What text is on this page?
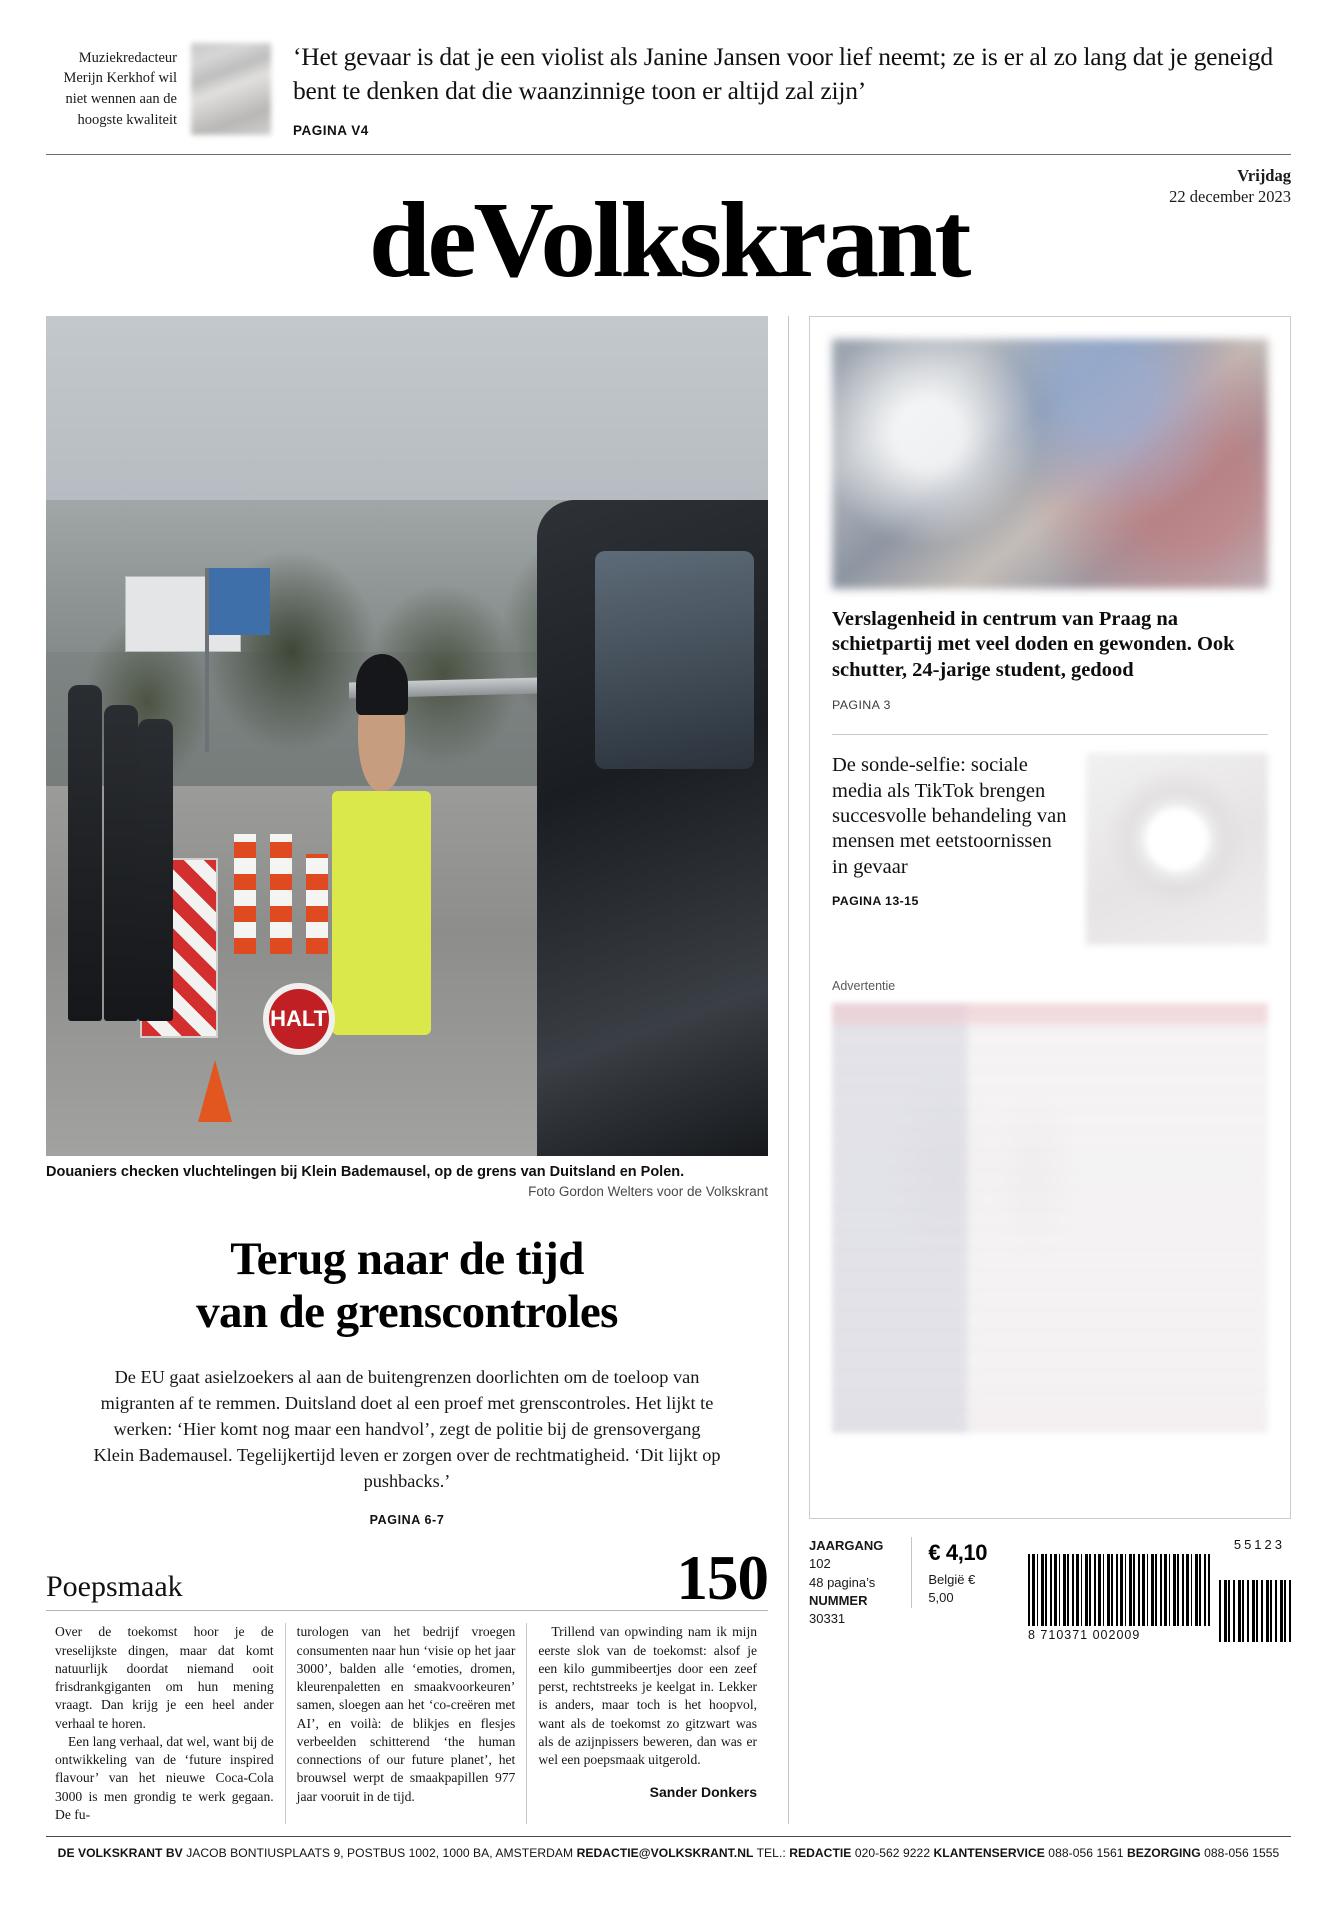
Muziekredacteur Merijn Kerkhof wil niet wennen aan de hoogste kwaliteit
‘Het gevaar is dat je een violist als Janine Jansen voor lief neemt; ze is er al zo lang dat je geneigd bent te denken dat die waanzinnige toon er altijd zal zijn’
PAGINA V4
Vrijdag
22 december 2023
deVolkskrant
HALT
Douaniers checken vluchtelingen bij Klein Bademausel, op de grens van Duitsland en Polen.
Foto Gordon Welters voor de Volkskrant
Terug naar de tijd
van de grenscontroles
De EU gaat asielzoekers al aan de buitengrenzen doorlichten om de toeloop van migranten af te remmen. Duitsland doet al een proef met grenscontroles. Het lijkt te werken: ‘Hier komt nog maar een handvol’, zegt de politie bij de grensovergang Klein Bademausel. Tegelijkertijd leven er zorgen over de rechtmatigheid. ‘Dit lijkt op pushbacks.’
PAGINA 6-7
Poepsmaak	150

Over de toekomst hoor je de vreselijkste dingen, maar dat komt natuurlijk doordat niemand ooit frisdrankgiganten om hun mening vraagt. Dan krijg je een heel ander verhaal te horen.

Een lang verhaal, dat wel, want bij de ontwikkeling van de ‘future inspired flavour’ van het nieuwe Coca-Cola 3000 is men grondig te werk gegaan. De fu-

turologen van het bedrijf vroegen consumenten naar hun ‘visie op het jaar 3000’, balden alle ‘emoties, dromen, kleurenpaletten en smaakvoorkeuren’ samen, sloegen aan het ‘co-creëren met AI’, en voilà: de blikjes en flesjes verbeelden schitterend ‘the human connections of our future planet’, het brouwsel werpt de smaakpapillen 977 jaar vooruit in de tijd.

Trillend van opwinding nam ik mijn eerste slok van de toekomst: alsof je een kilo gummibeertjes door een zeef perst, rechtstreeks je keelgat in. Lekker is anders, maar toch is het hoopvol, want als de toekomst zo gitzwart was als de azijnpissers beweren, dan was er wel een poepsmaak uitgerold.

Sander Donkers
Verslagenheid in centrum van Praag na schietpartij met veel doden en gewonden. Ook schutter, 24-jarige student, gedood
PAGINA 3
De sonde-selfie: sociale media als TikTok brengen succesvolle behandeling van mensen met eetstoornissen in gevaar
PAGINA 13-15
Advertentie
JAARGANG 102
48 pagina’s
NUMMER
30331
€ 4,10
België € 5,00
55123
8 710371 002009
DE VOLKSKRANT BV JACOB BONTIUSPLAATS 9, POSTBUS 1002, 1000 BA, AMSTERDAM REDACTIE@VOLKSKRANT.NL TEL.: REDACTIE 020-562 9222 KLANTENSERVICE 088-056 1561 BEZORGING 088-056 1555
